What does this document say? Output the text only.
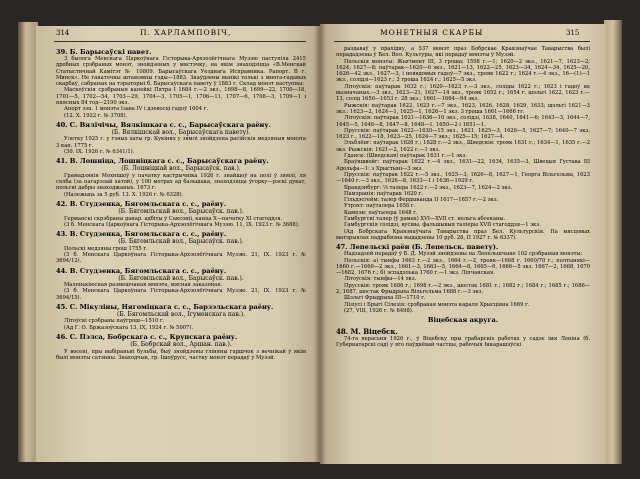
314	П. ХАРЛАМПОВІЧ,	МОНЕТНЫЯ СКАРБЫ	315

39. Б. Барысаўскі павет.

3 былога Менскага Царкоўнага Гісторыка-Архэолёгічнага Музэю паступіла 2415 дробных срэбраных монэт, знойдзеных у мястэчку, на якім знаходзіцца «В.Менскай Статыстичнай Камітэт № 10809. Барысаўскага Уезднага Исправника. Рапорт. В г. Минск». Не ганаточны штамэмпы гэды—1883. Знаўдзены вынікі толькі з многа-гадавых скарбаў, сабраных на тэрыторыі б. Барысаўскага павету ў 1883 г. Склад монэт наступны:

Маскоўскія срэбраныя капейкі Пятра I 1684 г.—2 экз., 1698—8, 1699—22, 1700—18, 1701—5, 1702—54, 1703—29, 1704—3, 1705—1, 1706—11, 1707—6, 1708—3, 1709—1 і няясных 84 год—2190 экз.

Апорт зэн. 1 монэта Ізава IV і дзевосці гадоў 1604 г.

(12. X. 1922 г. № 3708).

40. С. Вялічічы, Вялкішкага с. с., Барысаўскага раёну.

(Б. Вялкішскай вол., Барысаўскага павету).

Улетку 1925 г. у гэных хаты гр. Кукіних у зямлі знойдзена расійскія медзяныя монэта 3 кап. 1775 г.

(30. IX. 1926 г. № 6341/1).

41. В. Лошніца, Лошніцкага с. с., Барысаўскага раёну.

(Б. Лошніцкай вол., Барысаўск. пав.).

Грамадзянін Мохнішоў у пачатку кастрычніка 1926 г. знайшоў на полі ў зямлі, ля сялба (за пагарэлай хатой), у 100 метрах ад бальшака, знаходзіцца ўгорку—рэскі дукат, польскі дабры знаходжаных. 1673 г.

(Належыць за 5 руб. 13. X. 1926 г. № 6328).

42. В. Студзенка, Бягомльскага с. с., раёну.

(Б. Бягомльскай вол., Барысаўск. пав.).

Германскі скрэбраны данар. адбіты ў Саксоніі, канца Х—пачатку ХІ стагоддзя.

(3 б. Менскага Царкоўнага Гісторыка-Архэолёгічнага Музэю. 11, IX. 1923 г. № 3688).

43. В. Студзенка, Бягомльскага с. с., раёну.

(Б. Бягомльскай вол., Барысаўск. пав.).

Польскі медзяны грош 1755 г.

(3 б. Менскага Царкоўнага Гісторыка-Архэолёгічнага Музэю. 21, IX. 1923 г. № 3694/12).

44. В. Студзенка, Бягомльскага с. с., раёну.

(Б. Бягомльскай вол., Барысаўск. пав.).

Маленькіюсная размешчаная монэта, мясная заказоная.

(3 б. Менскага Царкоўнага Гісторыка-Архэолёгічнага Музэю. 21, IX. 1923 г. № 3694/15).

45. С. Мікуліны, Нягоміцкага с. с., Барзэльскага раёну.

(Б. Бягомльскай вол., Ігуменскага пав.).

Літоўскі срэбраны паўгрош—1510 г.

(Ад Г. О. Бржазоўскага 13, IX, 1924 г. № 5007).

46. С. Пэлса, Бобрскага с. с., Крупскага раёну.

(Б. Бобрскай вол., Аршан. пав.).

У восені, пры выбіраньні бульбы, быў знойдзены гліняны гаршчок з вечнікай ў якім былі монэты сатэнны. Знаходчык, гр. Ішоўрусс, частку монэт перадаў у Музэй.

раздаваў у прахідну, а 537 монэт праз Бобрскае Краязнаўчае Таварыства былі перададзены ў Бел. Вол. Культуры, які перадаў монэты ў Музэй.

Польскія монэты: Жыгімонт III, 3 гроша; 1598 г.—1; 1620—2 экз., 1621—7, 1623—2; 1624; 1627—8; паўтарак—1620—6 экз., 1621—13, 1622—25, 1623—34, 1624—34, 1625—20, 1626—42 экз., 1627—3, і невядомых гадоў—7 экз., трояк 1622 г.; 1624 г.—4 экз., 16—(1)—1 экз., солідзі—1623 г.; 3 гроша 1624 г.; 1625—5 экз.

Літоўскія: паўтарак 1632 г.; 1620—1623 г.—3 экз., соліды 1622 г.; 1623 і гадоў не вызначаных.—3 экз., 1623—21, 1627—14 экз., трояк 1652 г.; 1654 г. шэльгі 1622, 1623 г.—13, солід 1650—1653 г. 28 экз.; 1661—1664—94 экз.

Рыжскія: паўтарак 1622, 1623 г.—7 экз., 1623, 1626, 1628, 1629, 1633; шэльгі 1621—3 экз.: 1623—2, 1624—1, 1625—1, 1626—1 экз. 3 гроша 1661—1666 гг.

Літоўскія: паўтарак 1621—1636—10 экз., солідзі, 1638, 1640, 1641—6; 1643—3, 1644—7, 1645—5, 1646—8, 1647—8, 1648—1, 1650—2 і 1651—1.

Прусскія: паўтарак 1622—1630—15 экз., 1621, 1625—3, 1626—5, 1627—7; 1640—7 экз. 1623 г., 1622—18, 1623—25, 1624—7 экз.; 1625—15; 1627—4.

Эльблёнг: паўтарак 1626 г.; 1628 г.—2 экз., Шведскія: трояк 1631 г.; 1634—1, 1635 г.—2 экз. Рыжскія: 1621—2, 1622 г.—1 экз.

Гданск: (Шведская) паўтарак 1631 г.—1 экз.

Браўншвейг: паўтарак 1622 г.—4 экз., 1631—22, 1634, 1635—3, Швецыя Густава ІІІ Адольфа—1: з Хрыстыні—3 экз.

Прусскія: паўтарак 1622 г.—5 экз., 1625—3, 1626—8, 1627—1, Георга Вільгельма, 1623—1640 г.—3 экз., 1626—8, 1633—1 і 1636—1929 г.

Брандэнбург: ⅓ талера 1622 г.—2 экз., 1623—7, 1624—2 экз.

Памэранія: паўтарак 1620 г.

Гільдэсгейм: талер Фердынанда ІІ 1617—1657 г.—2 экз.

Утрэхт: паўталера 1658 г.

Кампэн: паўталера 1648 г.

Гамбургскі талер (ў рамах) XVI—XVII ст. нельга абсеканы.

Гамбургскія солідзі, вусівы, фальшывыя таліеры XVII стагоддзя—1 экз.

(Ад Бобрскага Краязнаўчага Таварыства праз Бел. Культурскія. Па мясцовых матэрыялах падрабязна выдадзены 10 руб. 28, ІІ 1927 г. № 6337).

47. Лепельскі раён (Б. Лепельск. павету).

Надзадзей перадаў ў Б. Д. Музэй знойдзены на Лепельшчыне 102 срэбраныя монэты:

Польскія: а) тынфы 1663 г.—2 экз., 1664 г.—2, трояк—1668 г. 1660/70 г.; полтынякі—1660 г.—1660—2 экз., 1661—3, 1663—5, 1664—8, 1665—6, 1666—5 экз. 1667—2, 1668, 1670—1682, 1676 г.; б) эспадэлька 1760 г.—1 экз. Ліпчанская.

Літоўскія: тынфы—14 экз.

Прусскія: трояк 1686 г.; 1698 г.—2 экз., шостак 1681 г.; 1682 г.; 1684 г.; 1685 г.; 1686—2, 1687, шостак Фрыдрыха Вільгельма 1688 г.—3 экз.

Шэльгі Фрыдрыха ІІІ—1710 г.

Лізіусі і Брыгі Сілезія: срэбраная монэта караля Хрысціяна 1669 г.

(27, VIII, 1926 г. № 6498).

Віцебская акруга.

48. М. Віцебск.

74-га верасьня 1926 г., ў Віцебску пры грабарскіх работах у садзе імя Леніна (б. Губернатарскі сад) у яго паўднёвай частцы, рабочыя Інкарашэўскі
